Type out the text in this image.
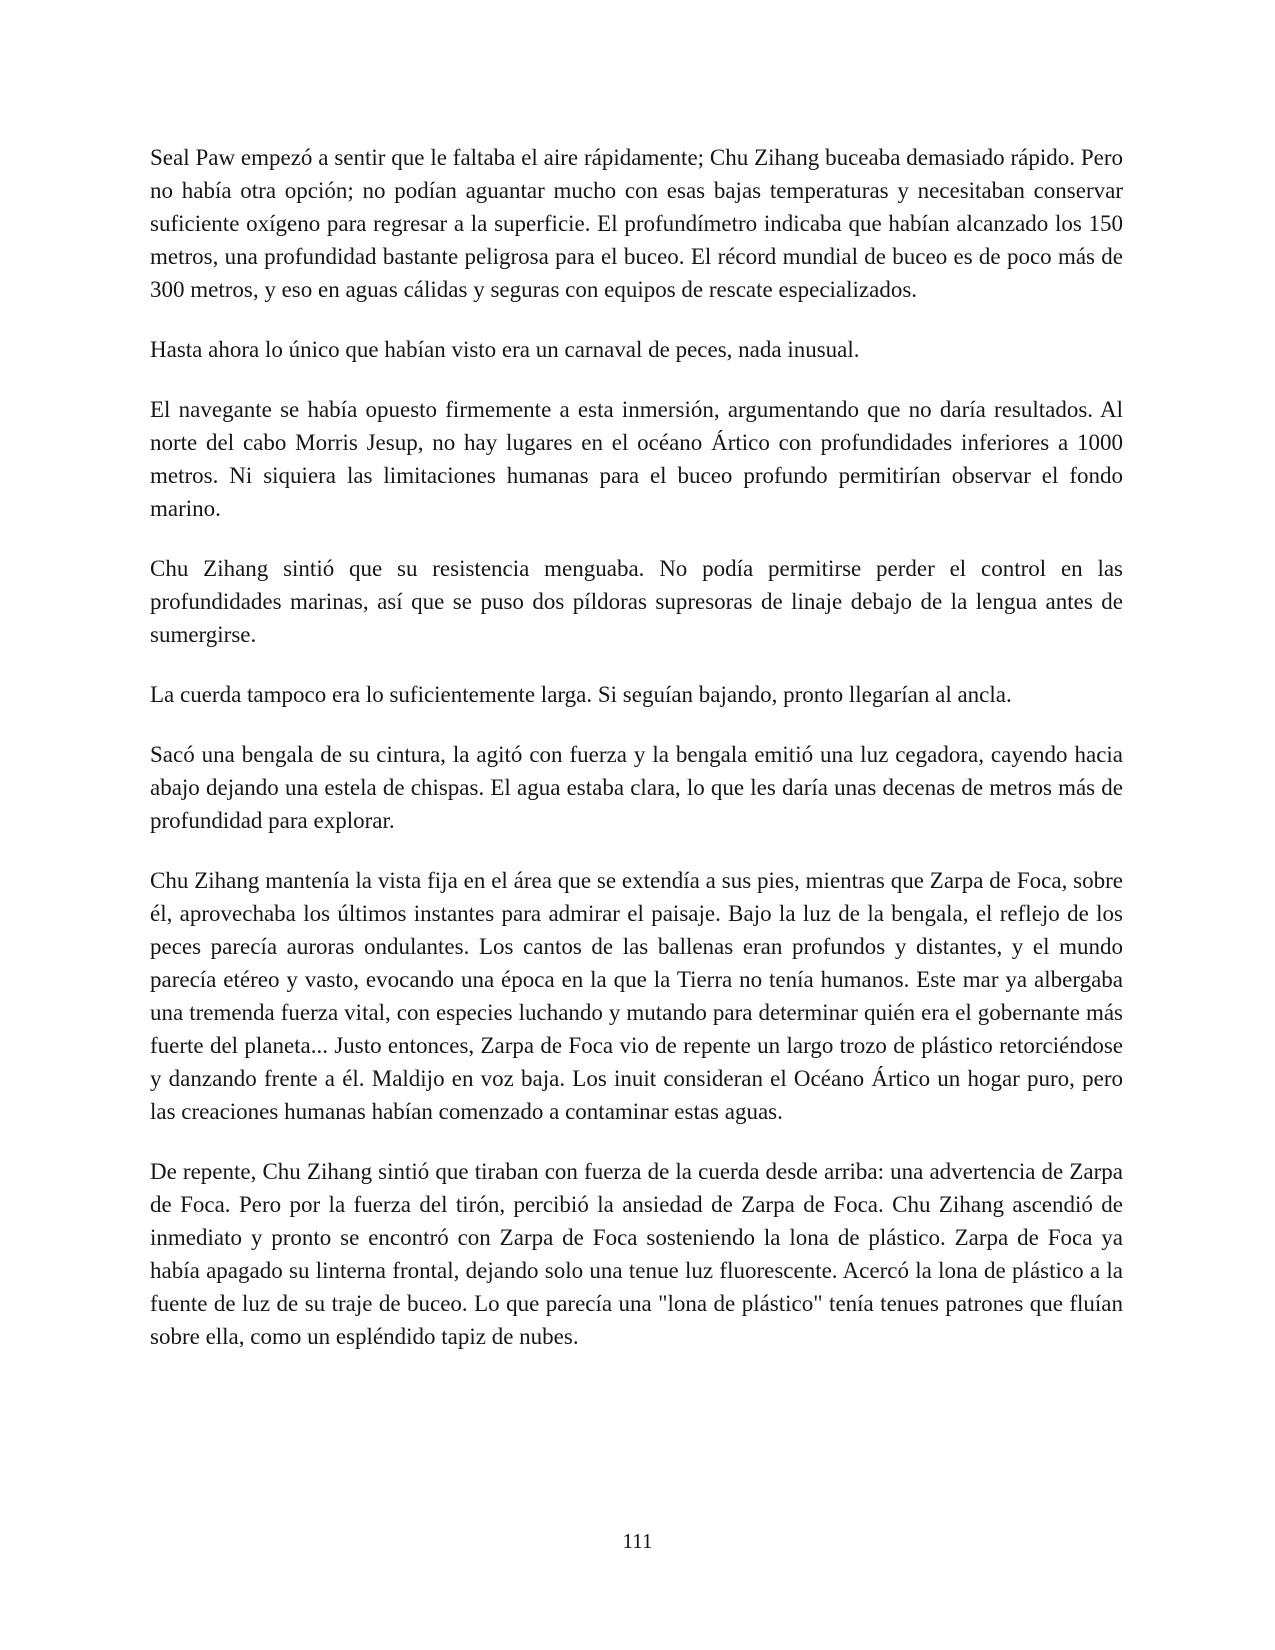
Seal Paw empezó a sentir que le faltaba el aire rápidamente; Chu Zihang buceaba demasiado rápido. Pero no había otra opción; no podían aguantar mucho con esas bajas temperaturas y necesitaban conservar suficiente oxígeno para regresar a la superficie. El profundímetro indicaba que habían alcanzado los 150 metros, una profundidad bastante peligrosa para el buceo. El récord mundial de buceo es de poco más de 300 metros, y eso en aguas cálidas y seguras con equipos de rescate especializados.

Hasta ahora lo único que habían visto era un carnaval de peces, nada inusual.

El navegante se había opuesto firmemente a esta inmersión, argumentando que no daría resultados. Al norte del cabo Morris Jesup, no hay lugares en el océano Ártico con profundidades inferiores a 1000 metros. Ni siquiera las limitaciones humanas para el buceo profundo permitirían observar el fondo marino.

Chu Zihang sintió que su resistencia menguaba. No podía permitirse perder el control en las profundidades marinas, así que se puso dos píldoras supresoras de linaje debajo de la lengua antes de sumergirse.

La cuerda tampoco era lo suficientemente larga. Si seguían bajando, pronto llegarían al ancla.

Sacó una bengala de su cintura, la agitó con fuerza y la bengala emitió una luz cegadora, cayendo hacia abajo dejando una estela de chispas. El agua estaba clara, lo que les daría unas decenas de metros más de profundidad para explorar.

Chu Zihang mantenía la vista fija en el área que se extendía a sus pies, mientras que Zarpa de Foca, sobre él, aprovechaba los últimos instantes para admirar el paisaje. Bajo la luz de la bengala, el reflejo de los peces parecía auroras ondulantes. Los cantos de las ballenas eran profundos y distantes, y el mundo parecía etéreo y vasto, evocando una época en la que la Tierra no tenía humanos. Este mar ya albergaba una tremenda fuerza vital, con especies luchando y mutando para determinar quién era el gobernante más fuerte del planeta... Justo entonces, Zarpa de Foca vio de repente un largo trozo de plástico retorciéndose y danzando frente a él. Maldijo en voz baja. Los inuit consideran el Océano Ártico un hogar puro, pero las creaciones humanas habían comenzado a contaminar estas aguas.

De repente, Chu Zihang sintió que tiraban con fuerza de la cuerda desde arriba: una advertencia de Zarpa de Foca. Pero por la fuerza del tirón, percibió la ansiedad de Zarpa de Foca. Chu Zihang ascendió de inmediato y pronto se encontró con Zarpa de Foca sosteniendo la lona de plástico. Zarpa de Foca ya había apagado su linterna frontal, dejando solo una tenue luz fluorescente. Acercó la lona de plástico a la fuente de luz de su traje de buceo. Lo que parecía una "lona de plástico" tenía tenues patrones que fluían sobre ella, como un espléndido tapiz de nubes.

111
